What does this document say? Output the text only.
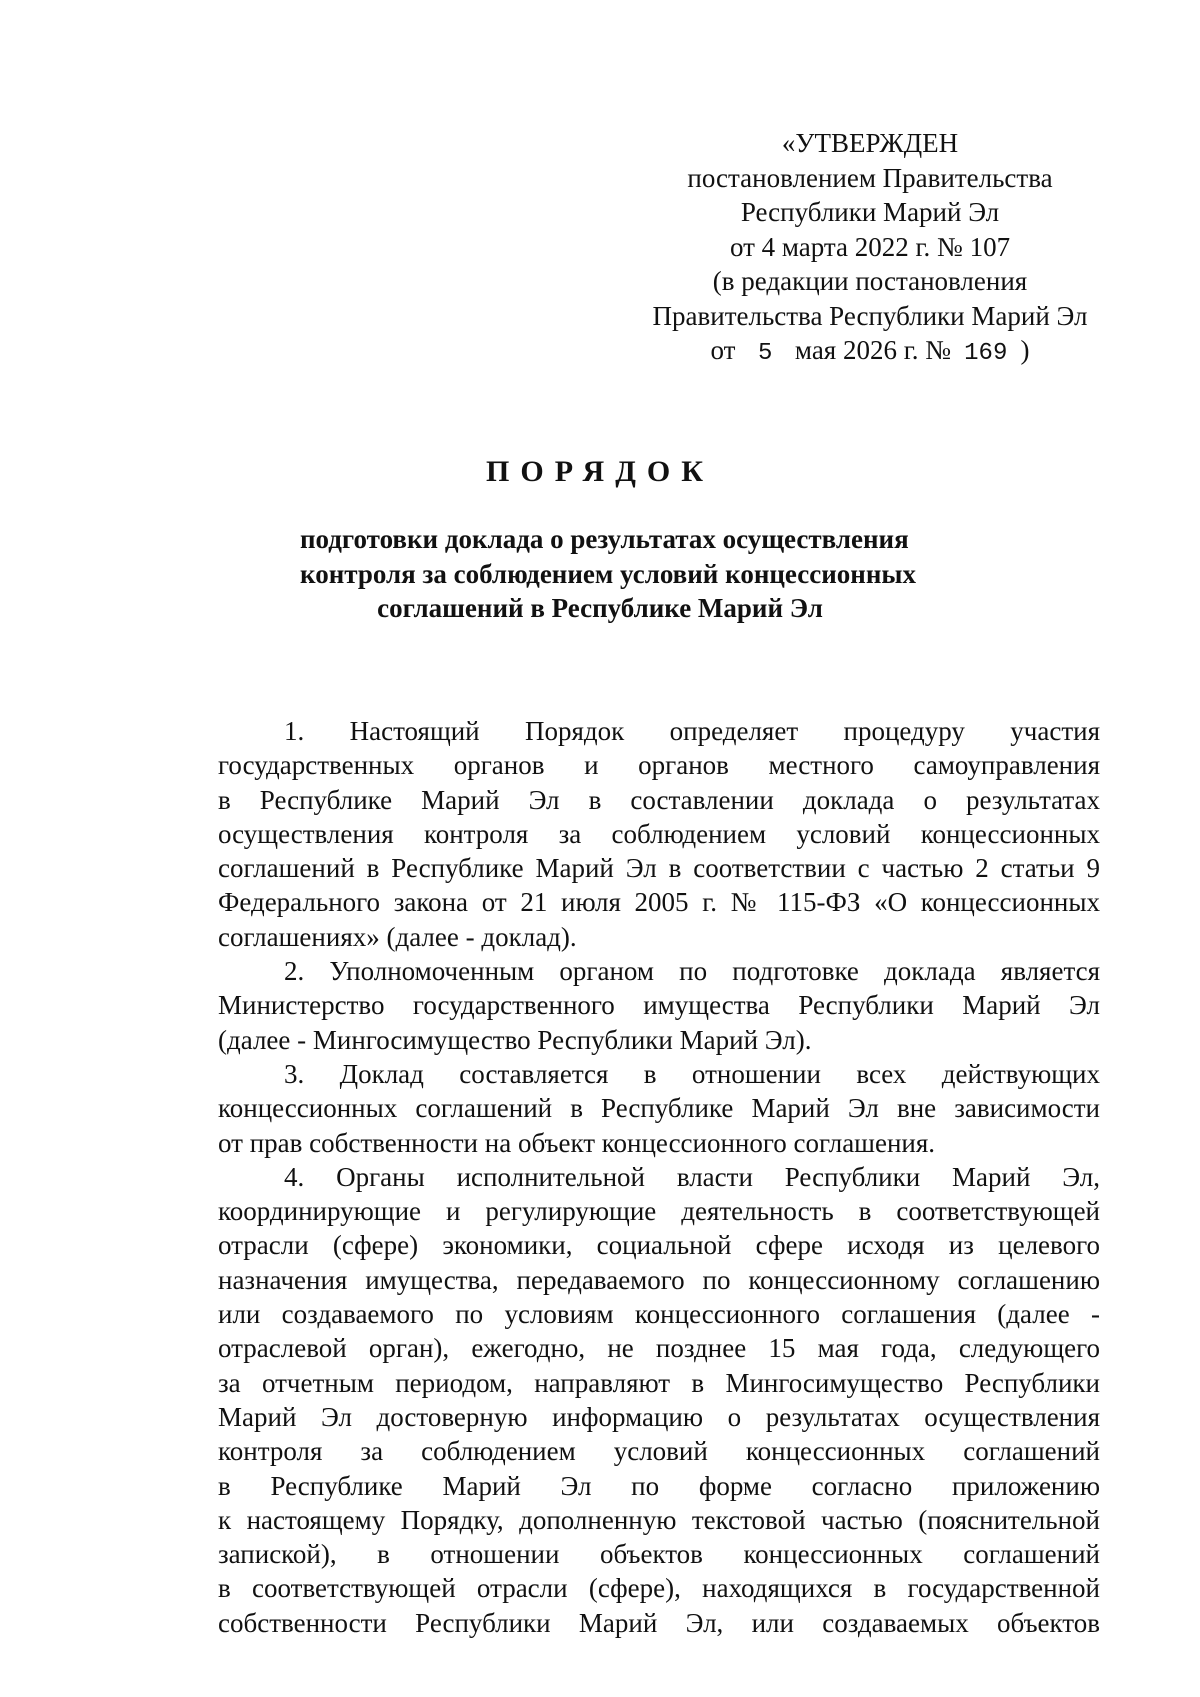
«УТВЕРЖДЕН
постановлением Правительства
Республики Марий Эл
от 4 марта 2022 г. № 107
(в редакции постановления
Правительства Республики Марий Эл
от 5 мая 2026 г. № 169 )
ПОРЯДОК
подготовки доклада о результатах осуществления
контроля за соблюдением условий концессионных
соглашений в Республике Марий Эл
1. Настоящий Порядок определяет процедуру участия
государственных органов и органов местного самоуправления
в Республике Марий Эл в составлении доклада о результатах
осуществления контроля за соблюдением условий концессионных
соглашений в Республике Марий Эл в соответствии с частью 2 статьи 9
Федерального закона от 21 июля 2005 г. № 115-ФЗ «О концессионных
соглашениях» (далее - доклад).
2. Уполномоченным органом по подготовке доклада является
Министерство государственного имущества Республики Марий Эл
(далее - Мингосимущество Республики Марий Эл).
3. Доклад составляется в отношении всех действующих
концессионных соглашений в Республике Марий Эл вне зависимости
от прав собственности на объект концессионного соглашения.
4. Органы исполнительной власти Республики Марий Эл,
координирующие и регулирующие деятельность в соответствующей
отрасли (сфере) экономики, социальной сфере исходя из целевого
назначения имущества, передаваемого по концессионному соглашению
или создаваемого по условиям концессионного соглашения (далее -
отраслевой орган), ежегодно, не позднее 15 мая года, следующего
за отчетным периодом, направляют в Мингосимущество Республики
Марий Эл достоверную информацию о результатах осуществления
контроля за соблюдением условий концессионных соглашений
в Республике Марий Эл по форме согласно приложению
к настоящему Порядку, дополненную текстовой частью (пояснительной
запиской), в отношении объектов концессионных соглашений
в соответствующей отрасли (сфере), находящихся в государственной
собственности Республики Марий Эл, или создаваемых объектов
